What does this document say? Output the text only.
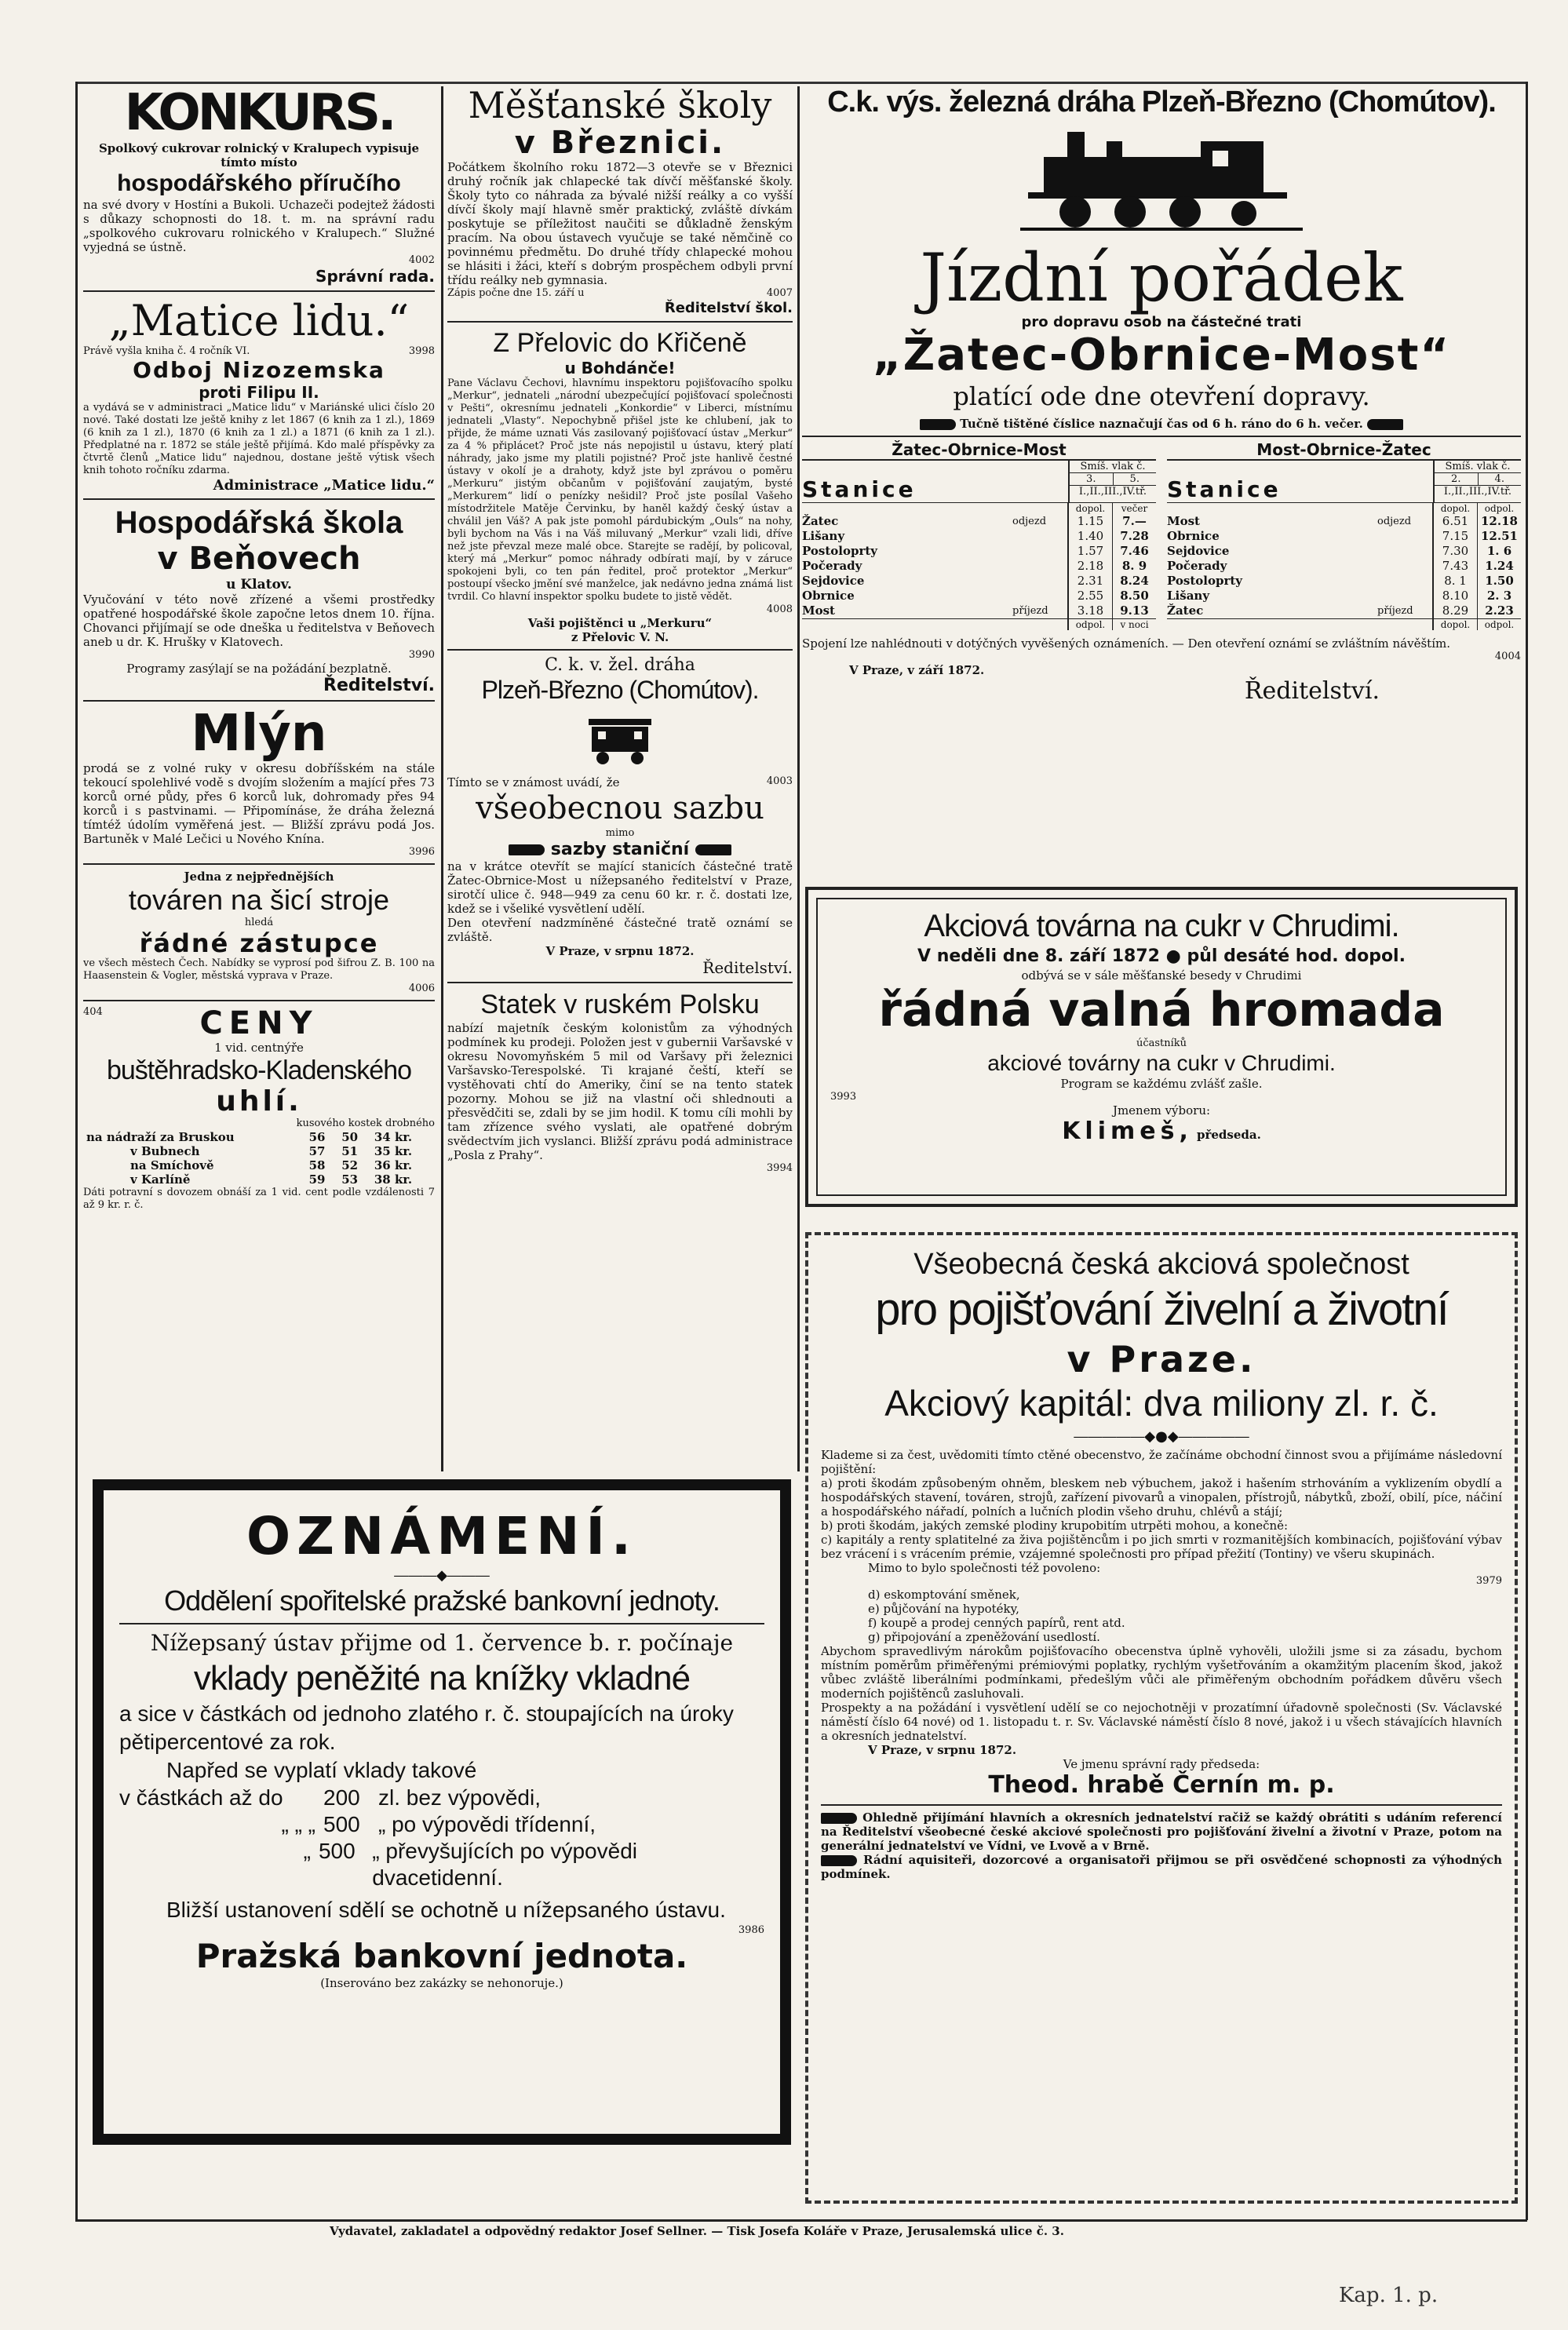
KONKURS.

Spolkový cukrovar rolnický v Kralupech vypisuje tímto místo

hospodářského příručího

na své dvory v Hostíni a Bukoli. Uchazeči podejtež žádosti s důkazy schopnosti do 18. t. m. na správní radu „spolkového cukrovaru rolnického v Kralupech.“ Služné vyjedná se ústně.

4002

Správní rada.

„Matice lidu.“

Právě vyšla kniha č. 4 ročník VI.	3998

Odboj Nizozemska

proti Filipu II.

a vydává se v administraci „Matice lidu“ v Mariánské ulici číslo 20 nové. Také dostati lze ještě knihy z let 1867 (6 knih za 1 zl.), 1869 (6 knih za 1 zl.), 1870 (6 knih za 1 zl.) a 1871 (6 knih za 1 zl.). Předplatné na r. 1872 se stále ještě přijímá. Kdo malé příspěvky za čtvrtě členů „Matice lidu“ najednou, dostane ještě výtisk všech knih tohoto ročníku zdarma.

Administrace „Matice lidu.“

Hospodářská škola

v Beňovech

u Klatov.

Vyučování v této nově zřízené a všemi prostředky opatřené hospodářské škole započne letos dnem 10. října. Chovanci přijímají se ode dneška u ředitelstva v Beňovech aneb u dr. K. Hrušky v Klatovech.

3990

Programy zasýlají se na požádání bezplatně.

Ředitelství.

Mlýn

prodá se z volné ruky v okresu dobříšském na stále tekoucí spolehlivé vodě s dvojím složením a mající přes 73 korců orné půdy, přes 6 korců luk, dohromady přes 94 korců i s pastvinami. — Připomínáse, že dráha železná tímtéž údolím vyměřená jest. — Bližší zprávu podá Jos. Bartuněk v Malé Lečici u Nového Knína.

3996

Jedna z nejpřednějších

továren na šicí stroje

hledá

řádné zástupce

ve všech městech Čech. Nabídky se vyprosí pod šifrou Z. B. 100 na Haasenstein & Vogler, městská vyprava v Praze.

4006

404	CENY

1 vid. centnýře

buštěhradsko-Kladenského

uhlí.

kusového kostek drobného

na nádraží za Bruskou	56	50	34 kr.
v Bubnech	57	51	35 kr.
na Smíchově	58	52	36 kr.
v Karlíně	59	53	38 kr.

Dáti potravní s dovozem obnáší za 1 vid. cent podle vzdálenosti 7 až 9 kr. r. č.

Měšťanské školy

v Březnici.

Počátkem školního roku 1872—3 otevře se v Březnici druhý ročník jak chlapecké tak dívčí měšťanské školy. Školy tyto co náhrada za bývalé nižší reálky a co vyšší dívčí školy mají hlavně směr praktický, zvláště dívkám poskytuje se příležitost naučiti se důkladně ženským pracím. Na obou ústavech vyučuje se také němčině co povinnému předmětu. Do druhé třídy chlapecké mohou se hlásiti i žáci, kteří s dobrým prospěchem odbyli první třídu reálky neb gymnasia.

Zápis počne dne 15. září u	4007

Ředitelství škol.

Z Přelovic do Křičeně

u Bohdánče!

Pane Václavu Čechovi, hlavnímu inspektoru pojišťovacího spolku „Merkur“, jednateli „národní ubezpečující pojišťovací společnosti v Pešti“, okresnímu jednateli „Konkordie“ v Liberci, místnímu jednateli „Vlasty“. Nepochybně přišel jste ke chlubení, jak to přijde, že máme uznati Vás zasilovaný pojišťovací ústav „Merkur“ za 4 % připlácet? Proč jste nás nepojistil u ústavu, který platí náhrady, jako jsme my platili pojistné? Proč jste hanlivě čestné ústavy v okolí je a drahoty, když jste byl zprávou o poměru „Merkuru“ jistým občanům v pojišťování zaujatým, bysté „Merkurem“ lidí o penízky nešidil? Proč jste posílal Vašeho místodržitele Matěje Červinku, by haněl každý český ústav a chválil jen Váš? A pak jste pomohl párdubickým „Ouls“ na nohy, byli bychom na Vás i na Váš miluvaný „Merkur“ vzali lidi, dříve než jste převzal meze malé obce. Starejte se radějí, by policoval, který má „Merkur“ pomoc náhrady odbírati mají, by v záruce spokojeni byli, co ten pán ředitel, proč protektor „Merkur“ postoupí všecko jmění své manželce, jak nedávno jedna známá list tvrdil. Co hlavní inspektor spolku budete to jistě vědět.

4008

Vaši pojištěnci u „Merkuru“

z Přelovic V. N.

C. k. v. žel. dráha

Plzeň-Březno (Chomútov).

Tímto se v známost uvádí, že	4003

všeobecnou sazbu

mimo

sazby staniční

na v krátce otevřít se mající stanicích částečné tratě Žatec-Obrnice-Most u nížepsaného ředitelství v Praze, sirotčí ulice č. 948—949 za cenu 60 kr. r. č. dostati lze, kdež se i všeliké vysvětlení udělí.

Den otevření nadzmíněné částečné tratě oznámí se zvláště.

V Praze, v srpnu 1872.

Ředitelství.

Statek v ruském Polsku

nabízí majetník českým kolonistům za výhodných podmínek ku prodeji. Položen jest v gubernii Varšavské v okresu Novomyňském 5 mil od Varšavy při železnici Varšavsko-Terespolské. Ti krajané čeští, kteří se vystěhovati chtí do Ameriky, činí se na tento statek pozorny. Mohou se již na vlastní oči shlednouti a přesvědčiti se, zdali by se jim hodil. K tomu cíli mohli by tam zřízence svého vyslati, ale opatřené dobrým svědectvím jich vyslanci. Bližší zprávu podá administrace „Posla z Prahy“.

3994

C.k. výs. železná dráha Plzeň-Březno (Chomútov).

Jízdní pořádek

pro dopravu osob na částečné trati

„Žatec-Obrnice-Most“

platící ode dne otevření dopravy.

Tučně tištěné číslice naznačují čas od 6 h. ráno do 6 h. večer.

Žatec-Obrnice-Most

Stanice

Smíš. vlak č.

3.	5.

I.,II.,III.,IV.tř.

dopol.	večer
Žatec	odjezd	1.15	7.—
Lišany	1.40	7.28
Postoloprty	1.57	7.46
Počerady	2.18	8. 9
Sejdovice	2.31	8.24
Obrnice	2.55	8.50
Most	příjezd	3.18	9.13
odpol.	v noci

Most-Obrnice-Žatec

Stanice

Smíš. vlak č.

2.	4.

I.,II.,III.,IV.tř.

dopol.	odpol.
Most	odjezd	6.51	12.18
Obrnice	7.15	12.51
Sejdovice	7.30	1. 6
Počerady	7.43	1.24
Postoloprty	8. 1	1.50
Lišany	8.10	2. 3
Žatec	příjezd	8.29	2.23
dopol.	odpol.

Spojení lze nahlédnouti v dotýčných vyvěšených oznámeních. — Den otevření oznámí se zvláštním návěštím.

4004

V Praze, v září 1872.

Ředitelství.

Akciová továrna na cukr v Chrudimi.

V neděli dne 8. září 1872 ● půl desáté hod. dopol.

odbývá se v sále měšťanské besedy v Chrudimi

řádná valná hromada

účastníků

akciové továrny na cukr v Chrudimi.

Program se každému zvlášť zašle.

3993

Jmenem výboru:

Klimeš, předseda.

Všeobecná česká akciová společnost

pro pojišťování živelní a životní

v Praze.

Akciový kapitál: dva miliony zl. r. č.

―――――◆●◆―――――

Klademe si za čest, uvědomiti tímto ctěné obecenstvo, že začínáme obchodní činnost svou a přijímáme následovní pojištění:

a) proti škodám způsobeným ohněm, bleskem neb výbuchem, jakož i hašením strhováním a vyklizením obydlí a hospodářských stavení, továren, strojů, zařízení pivovarů a vinopalen, přístrojů, nábytků, zboží, obilí, píce, náčiní a hospodářského nářadí, polních a lučních plodin všeho druhu, chlévů a stájí;

b) proti škodám, jakých zemské plodiny krupobitím utrpěti mohou, a konečně:

c) kapitály a renty splatitelné za živa pojištěncům i po jich smrti v rozmanitějších kombinacích, pojišťování výbav bez vrácení i s vrácením prémie, vzájemné společnosti pro případ přežití (Tontiny) ve všeru skupinách.

Mimo to bylo společnosti též povoleno:

3979

d) eskomptování směnek,

e) půjčování na hypotéky,

f) koupě a prodej cenných papírů, rent atd.

g) připojování a zpeněžování usedlostí.

Abychom spravedlivým nárokům pojišťovacího obecenstva úplně vyhověli, uložili jsme si za zásadu, bychom místním poměrům přiměřenými prémiovými poplatky, rychlým vyšetřováním a okamžitým placením škod, jakož vůbec zvláště liberálními podmínkami, předešlým vůči ale přiměřeným obchodním pořádkem důvěru všech moderních pojištěnců zasluhovali.

Prospekty a na požádání i vysvětlení udělí se co nejochotněji v prozatímní úřadovně společnosti (Sv. Václavské náměstí číslo 64 nové) od 1. listopadu t. r. Sv. Václavské náměstí číslo 8 nové, jakož i u všech stávajících hlavních a okresních jednatelství.

V Praze, v srpnu 1872.

Ve jmenu správní rady předseda:

Theod. hrabě Černín m. p.

Ohledně přijímání hlavních a okresních jednatelství račiž se každý obrátiti s udáním referencí na Ředitelství všeobecné české akciové společnosti pro pojišťování živelní a životní v Praze, potom na generální jednatelství ve Vídni, ve Lvově a v Brně.

Rádní aquisiteři, dozorcové a organisatoři přijmou se při osvědčené schopnosti za výhodných podmínek.

OZNÁMENÍ.

―――◆―――

Oddělení spořitelské pražské bankovní jednoty.

Nížepsaný ústav přijme od 1. července b. r. počínaje

vklady peněžité na knížky vkladné

a sice v částkách od jednoho zlatého r. č. stoupajících na úroky pětipercentové za rok.

Napřed se vyplatí vklady takové

v částkách až do	200 zl. bez výpovědi,
„ „ „ 500 „ po výpovědi třídenní,
„ 500 „ převyšujících po výpovědi dvacetidenní.

Bližší ustanovení sdělí se ochotně u nížepsaného ústavu.

3986

Pražská bankovní jednota.

(Inserováno bez zakázky se nehonoruje.)

Vydavatel, zakladatel a odpovědný redaktor Josef Sellner. — Tisk Josefa Koláře v Praze, Jerusalemská ulice č. 3.

Kap. 1. p.
